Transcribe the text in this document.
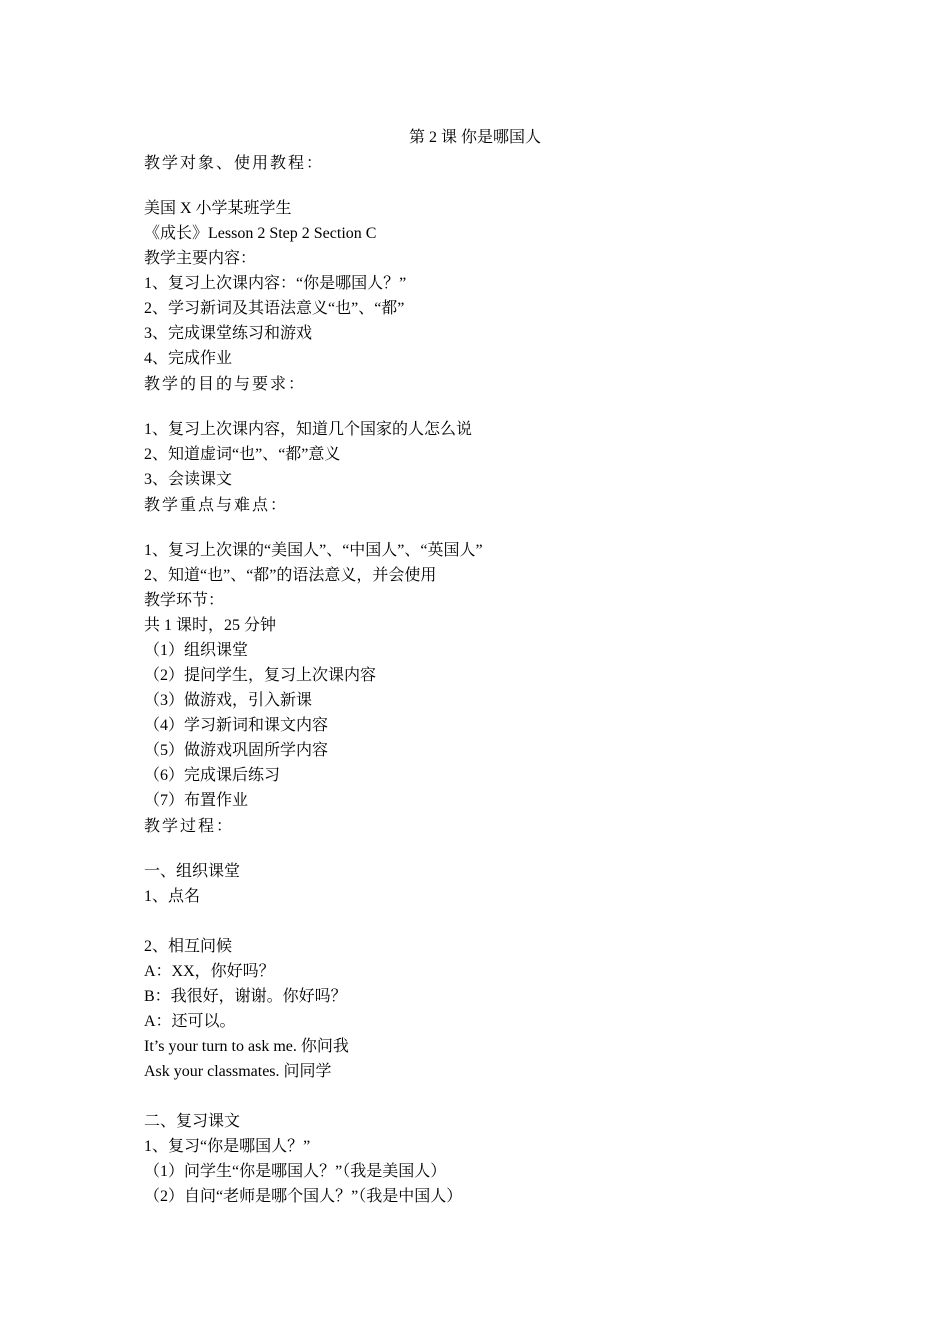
第 2 课 你是哪国人
教学对象、使用教程：
美国 X 小学某班学生
《成长》Lesson 2 Step 2 Section C
教学主要内容：
1、复习上次课内容：“你是哪国人？”
2、学习新词及其语法意义“也”、“都”
3、完成课堂练习和游戏
4、完成作业
教学的目的与要求：
1、复习上次课内容，知道几个国家的人怎么说
2、知道虚词“也”、“都”意义
3、会读课文
教学重点与难点：
1、复习上次课的“美国人”、“中国人”、“英国人”
2、知道“也”、“都”的语法意义，并会使用
教学环节：
共 1 课时，25 分钟
（1）组织课堂
（2）提问学生，复习上次课内容
（3）做游戏，引入新课
（4）学习新词和课文内容
（5）做游戏巩固所学内容
（6）完成课后练习
（7）布置作业
教学过程：
一、组织课堂
1、点名
2、相互问候
A：XX，你好吗？
B：我很好，谢谢。你好吗？
A：还可以。
It’s your turn to ask me. 你问我
Ask your classmates. 问同学
二、复习课文
1、复习“你是哪国人？”
（1）问学生“你是哪国人？”（我是美国人）
（2）自问“老师是哪个国人？”（我是中国人）
